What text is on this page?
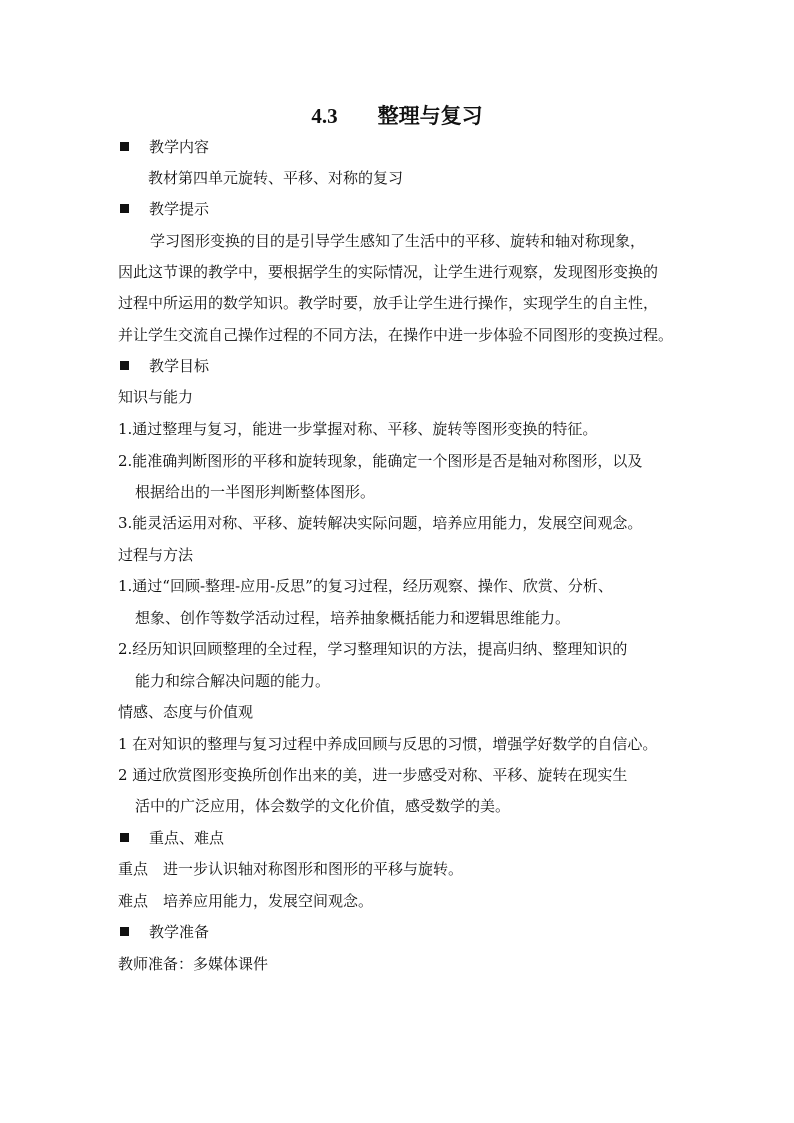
4.3 整理与复习
教学内容
教材第四单元旋转、平移、对称的复习
教学提示
学习图形变换的目的是引导学生感知了生活中的平移、旋转和轴对称现象，
因此这节课的教学中，要根据学生的实际情况，让学生进行观察，发现图形变换的
过程中所运用的数学知识。教学时要，放手让学生进行操作，实现学生的自主性，
并让学生交流自己操作过程的不同方法，在操作中进一步体验不同图形的变换过程。
教学目标
知识与能力
1.通过整理与复习，能进一步掌握对称、平移、旋转等图形变换的特征。
2.能准确判断图形的平移和旋转现象，能确定一个图形是否是轴对称图形，以及
根据给出的一半图形判断整体图形。
3.能灵活运用对称、平移、旋转解决实际问题，培养应用能力，发展空间观念。
过程与方法
1.通过“回顾-整理-应用-反思”的复习过程，经历观察、操作、欣赏、分析、
想象、创作等数学活动过程，培养抽象概括能力和逻辑思维能力。
2.经历知识回顾整理的全过程，学习整理知识的方法，提高归纳、整理知识的
能力和综合解决问题的能力。
情感、态度与价值观
1 在对知识的整理与复习过程中养成回顾与反思的习惯，增强学好数学的自信心。
2 通过欣赏图形变换所创作出来的美，进一步感受对称、平移、旋转在现实生
活中的广泛应用，体会数学的文化价值，感受数学的美。
重点、难点
重点　进一步认识轴对称图形和图形的平移与旋转。
难点　培养应用能力，发展空间观念。
教学准备
教师准备：多媒体课件
